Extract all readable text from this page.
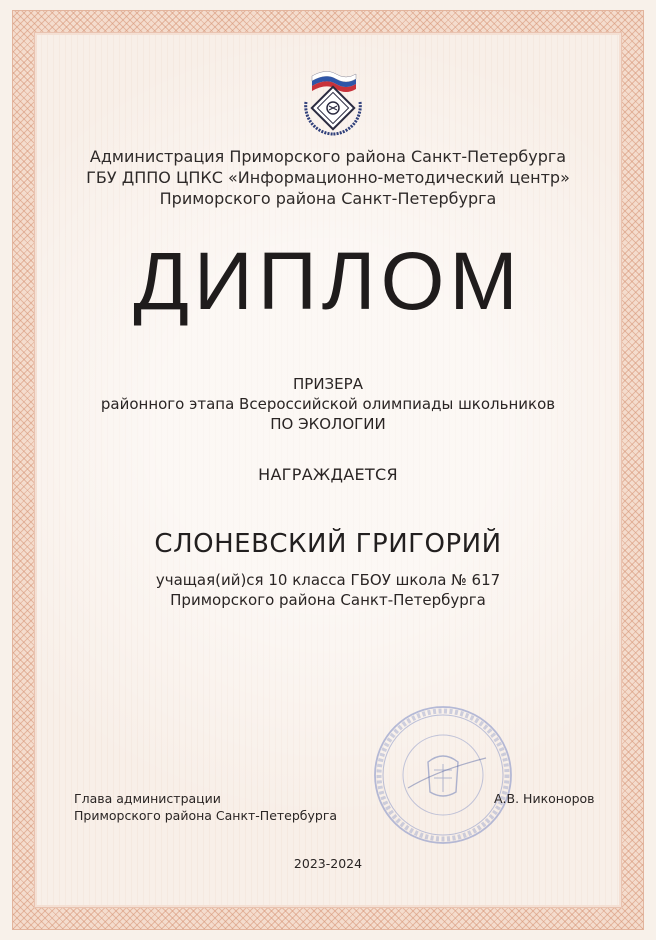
Администрация Приморского района Санкт-Петербурга
ГБУ ДППО ЦПКС «Информационно-методический центр»
Приморского района Санкт-Петербурга
ДИПЛОМ
ПРИЗЕРА
районного этапа Всероссийской олимпиады школьников
ПО ЭКОЛОГИИ
НАГРАЖДАЕТСЯ
СЛОНЕВСКИЙ ГРИГОРИЙ
учащая(ий)ся 10 класса ГБОУ школа № 617
Приморского района Санкт-Петербурга
Глава администрации
Приморского района Санкт-Петербурга
А.В. Никоноров
2023-2024
